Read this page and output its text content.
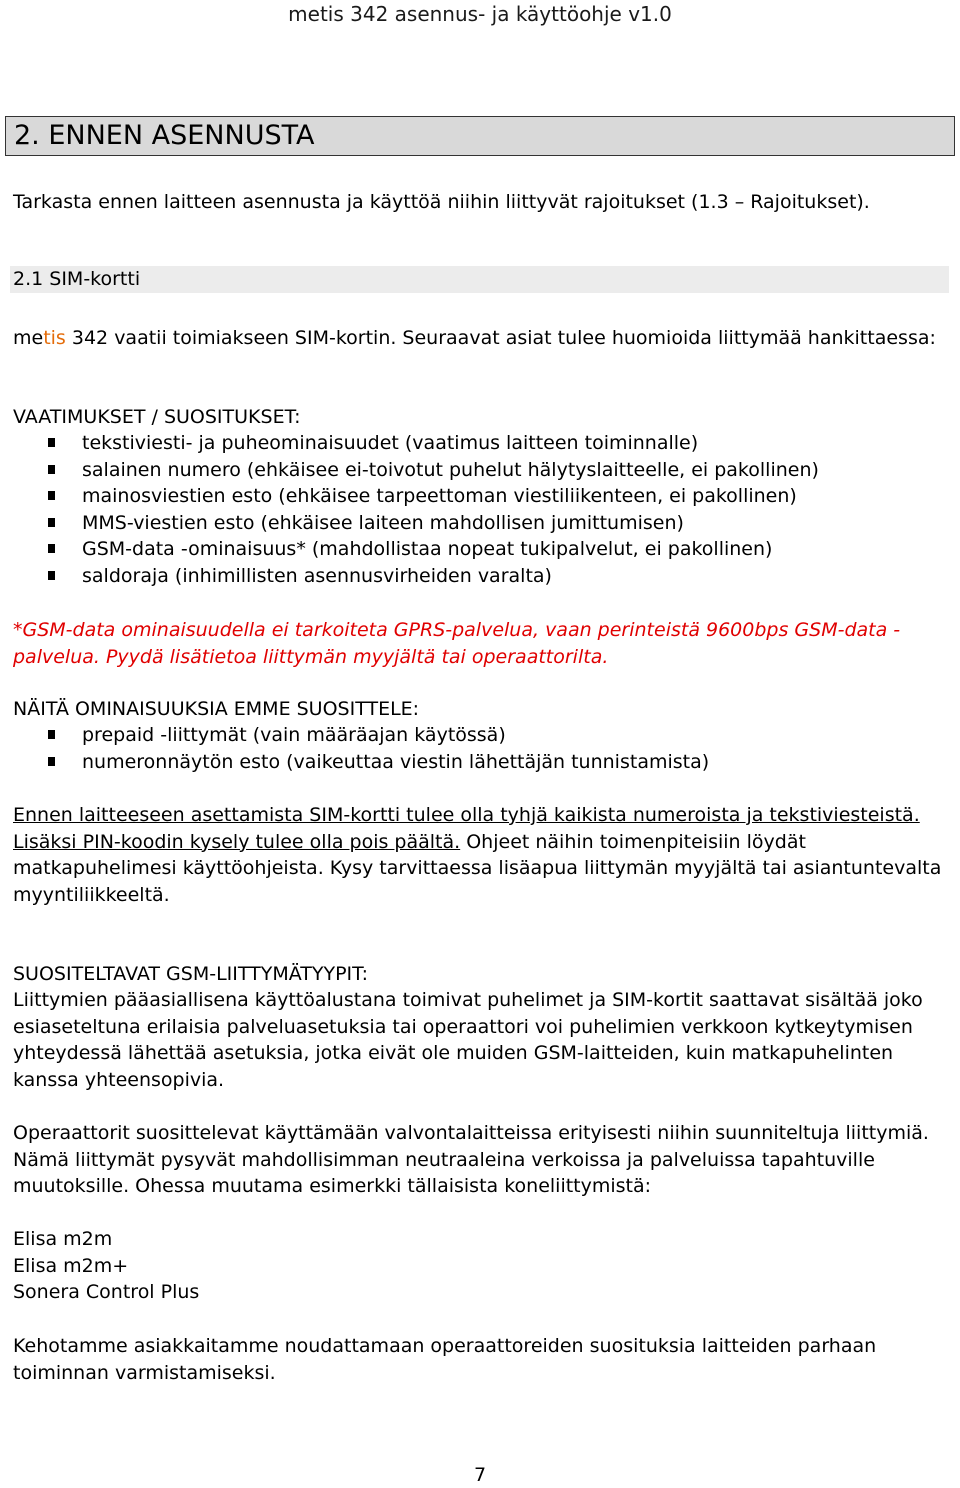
metis 342 asennus- ja käyttöohje v1.0
2. ENNEN ASENNUSTA
Tarkasta ennen laitteen asennusta ja käyttöä niihin liittyvät rajoitukset (1.3 – Rajoitukset).
2.1 SIM-kortti
metis 342 vaatii toimiakseen SIM-kortin. Seuraavat asiat tulee huomioida liittymää hankittaessa:
VAATIMUKSET / SUOSITUKSET:
tekstiviesti- ja puheominaisuudet (vaatimus laitteen toiminnalle)
salainen numero (ehkäisee ei-toivotut puhelut hälytyslaitteelle, ei pakollinen)
mainosviestien esto (ehkäisee tarpeettoman viestiliikenteen, ei pakollinen)
MMS-viestien esto (ehkäisee laiteen mahdollisen jumittumisen)
GSM-data -ominaisuus* (mahdollistaa nopeat tukipalvelut, ei pakollinen)
saldoraja (inhimillisten asennusvirheiden varalta)
*GSM-data ominaisuudella ei tarkoiteta GPRS-palvelua, vaan perinteistä 9600bps GSM-data -palvelua. Pyydä lisätietoa liittymän myyjältä tai operaattorilta.
NÄITÄ OMINAISUUKSIA EMME SUOSITTELE:
prepaid -liittymät (vain määräajan käytössä)
numeronnäytön esto (vaikeuttaa viestin lähettäjän tunnistamista)
Ennen laitteeseen asettamista SIM-kortti tulee olla tyhjä kaikista numeroista ja tekstiviesteistä. Lisäksi PIN-koodin kysely tulee olla pois päältä. Ohjeet näihin toimenpiteisiin löydät matkapuhelimesi käyttöohjeista. Kysy tarvittaessa lisäapua liittymän myyjältä tai asiantuntevalta myyntiliikkeeltä.
SUOSITELTAVAT GSM-LIITTYMÄTYYPIT:
Liittymien pääasiallisena käyttöalustana toimivat puhelimet ja SIM-kortit saattavat sisältää joko esiaseteltuna erilaisia palveluasetuksia tai operaattori voi puhelimien verkkoon kytkeytymisen yhteydessä lähettää asetuksia, jotka eivät ole muiden GSM-laitteiden, kuin matkapuhelinten kanssa yhteensopivia.
Operaattorit suosittelevat käyttämään valvontalaitteissa erityisesti niihin suunniteltuja liittymiä. Nämä liittymät pysyvät mahdollisimman neutraaleina verkoissa ja palveluissa tapahtuville muutoksille. Ohessa muutama esimerkki tällaisista koneliittymistä:
Elisa m2m
Elisa m2m+
Sonera Control Plus
Kehotamme asiakkaitamme noudattamaan operaattoreiden suosituksia laitteiden parhaan toiminnan varmistamiseksi.
7
